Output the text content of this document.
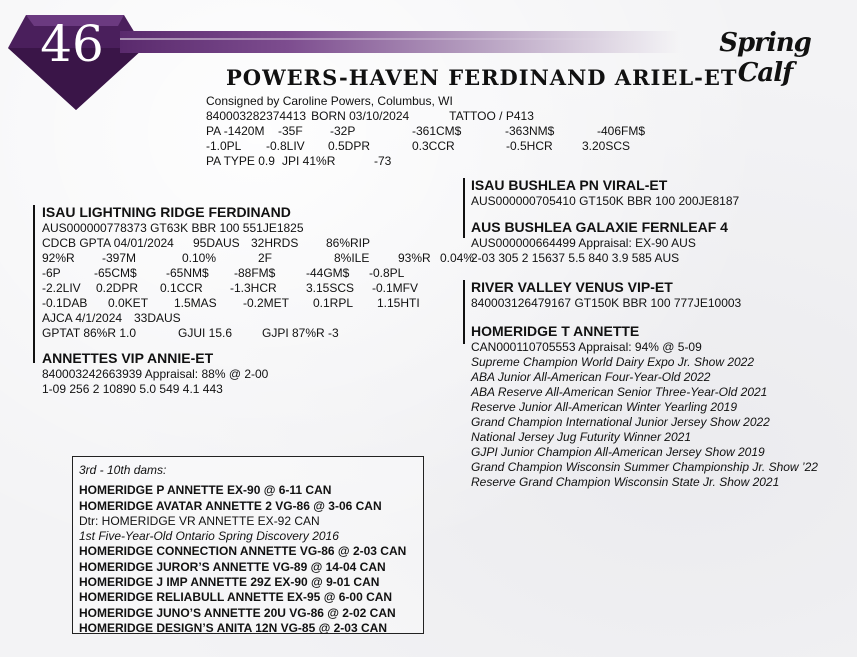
46	Spring Calf
POWERS-HAVEN FERDINAND ARIEL-ET
Consigned by Caroline Powers, Columbus, WI
840003282374413 BORN 03/10/2024	TATTOO / P413
PA -1420M -35F -32P	-361CM$	-363NM$	-406FM$
-1.0PL -0.8LIV 0.5DPR	0.3CCR	-0.5HCR 3.20SCS
PA TYPE 0.9 JPI 41%R	-73
ISAU LIGHTNING RIDGE FERDINAND
AUS000000778373 GT63K BBR 100 551JE1825
CDCB GPTA 04/01/2024 95DAUS 32HRDS 86%RIP
92%R -397M	0.10%	2F	8%ILE 93%R 0.04%
-6P	-65CM$ -65NM$ -88FM$	-44GM$ -0.8PL
-2.2LIV 0.2DPR 0.1CCR -1.3HCR 3.15SCS -0.1MFV
-0.1DAB 0.0KET 1.5MAS -0.2MET 0.1RPL 1.15HTI
AJCA 4/1/2024 33DAUS
GPTAT 86%R 1.0	GJUI 15.6 GJPI 87%R -3
ANNETTES VIP ANNIE-ET
840003242663939 Appraisal: 88% @ 2-00
1-09 256 2 10890 5.0 549 4.1 443
ISAU BUSHLEA PN VIRAL-ET
AUS000000705410 GT150K BBR 100 200JE8187
AUS BUSHLEA GALAXIE FERNLEAF 4
AUS000000664499 Appraisal: EX-90 AUS
2-03 305 2 15637 5.5 840 3.9 585 AUS
RIVER VALLEY VENUS VIP-ET
840003126479167 GT150K BBR 100 777JE10003
HOMERIDGE T ANNETTE
CAN000110705553 Appraisal: 94% @ 5-09
Supreme Champion World Dairy Expo Jr. Show 2022
ABA Junior All-American Four-Year-Old 2022
ABA Reserve All-American Senior Three-Year-Old 2021
Reserve Junior All-American Winter Yearling 2019
Grand Champion International Junior Jersey Show 2022
National Jersey Jug Futurity Winner 2021
GJPI Junior Champion All-American Jersey Show 2019
Grand Champion Wisconsin Summer Championship Jr. Show ’22
Reserve Grand Champion Wisconsin State Jr. Show 2021
3rd - 10th dams:
HOMERIDGE P ANNETTE EX-90 @ 6-11 CAN
HOMERIDGE AVATAR ANNETTE 2 VG-86 @ 3-06 CAN
Dtr: HOMERIDGE VR ANNETTE EX-92 CAN
1st Five-Year-Old Ontario Spring Discovery 2016
HOMERIDGE CONNECTION ANNETTE VG-86 @ 2-03 CAN
HOMERIDGE JUROR’S ANNETTE VG-89 @ 14-04 CAN
HOMERIDGE J IMP ANNETTE 29Z EX-90 @ 9-01 CAN
HOMERIDGE RELIABULL ANNETTE EX-95 @ 6-00 CAN
HOMERIDGE JUNO’S ANNETTE 20U VG-86 @ 2-02 CAN
HOMERIDGE DESIGN’S ANITA 12N VG-85 @ 2-03 CAN
